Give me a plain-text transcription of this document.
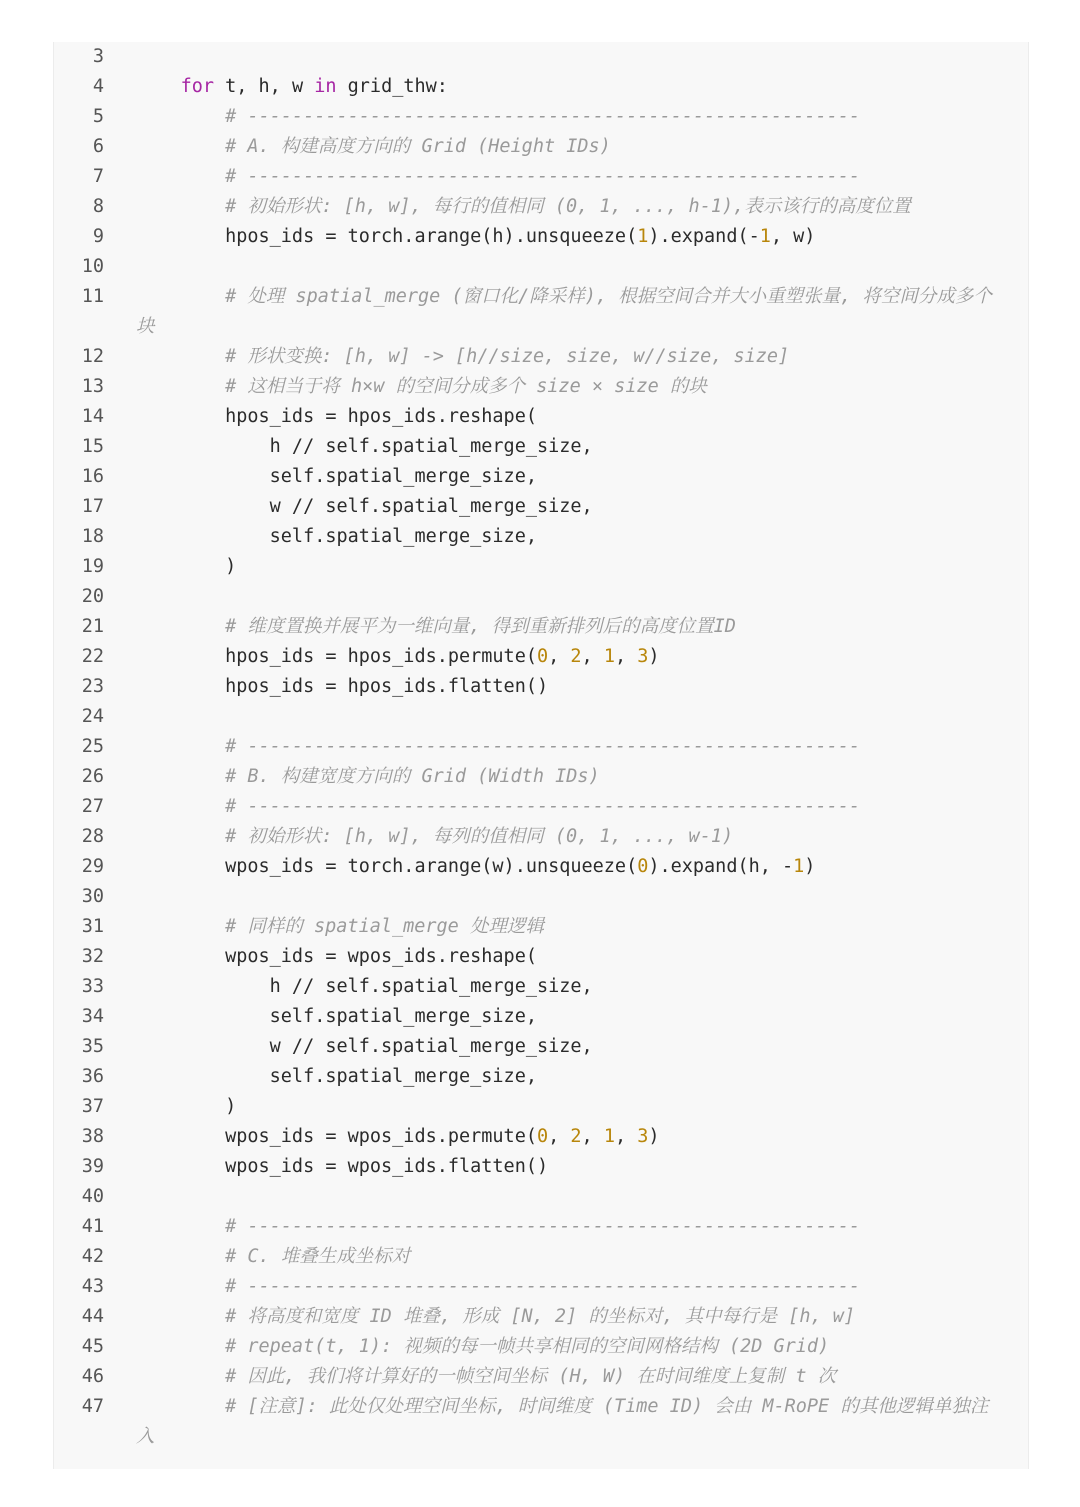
3
4	for t, h, w in grid_thw:
5	# -------------------------------------------------------
6	# A. 构建高度方向的 Grid (Height IDs)
7	# -------------------------------------------------------
8	# 初始形状: [h, w], 每行的值相同 (0, 1, ..., h-1),表示该行的高度位置
9 hpos_ids = torch.arange(h).unsqueeze(1).expand(-1, w)
10
11	# 处理 spatial_merge (窗口化/降采样), 根据空间合并大小重塑张量, 将空间分成多个
块
12	# 形状变换: [h, w] -> [h//size, size, w//size, size]
13	# 这相当于将 h×w 的空间分成多个 size × size 的块
14 hpos_ids = hpos_ids.reshape(
15 h // self.spatial_merge_size,
16 self.spatial_merge_size,
17 w // self.spatial_merge_size,
18 self.spatial_merge_size,
19 )
20
21	# 维度置换并展平为一维向量, 得到重新排列后的高度位置ID
22 hpos_ids = hpos_ids.permute(0, 2, 1, 3)
23 hpos_ids = hpos_ids.flatten()
24
25	# -------------------------------------------------------
26	# B. 构建宽度方向的 Grid (Width IDs)
27	# -------------------------------------------------------
28	# 初始形状: [h, w], 每列的值相同 (0, 1, ..., w-1)
29 wpos_ids = torch.arange(w).unsqueeze(0).expand(h, -1)
30
31	# 同样的 spatial_merge 处理逻辑
32 wpos_ids = wpos_ids.reshape(
33 h // self.spatial_merge_size,
34 self.spatial_merge_size,
35 w // self.spatial_merge_size,
36 self.spatial_merge_size,
37 )
38 wpos_ids = wpos_ids.permute(0, 2, 1, 3)
39 wpos_ids = wpos_ids.flatten()
40
41	# -------------------------------------------------------
42	# C. 堆叠生成坐标对
43	# -------------------------------------------------------
44	# 将高度和宽度 ID 堆叠, 形成 [N, 2] 的坐标对, 其中每行是 [h, w]
45	# repeat(t, 1): 视频的每一帧共享相同的空间网格结构 (2D Grid)
46	# 因此, 我们将计算好的一帧空间坐标 (H, W) 在时间维度上复制 t 次
47	# [注意]: 此处仅处理空间坐标, 时间维度 (Time ID) 会由 M-RoPE 的其他逻辑单独注
入
